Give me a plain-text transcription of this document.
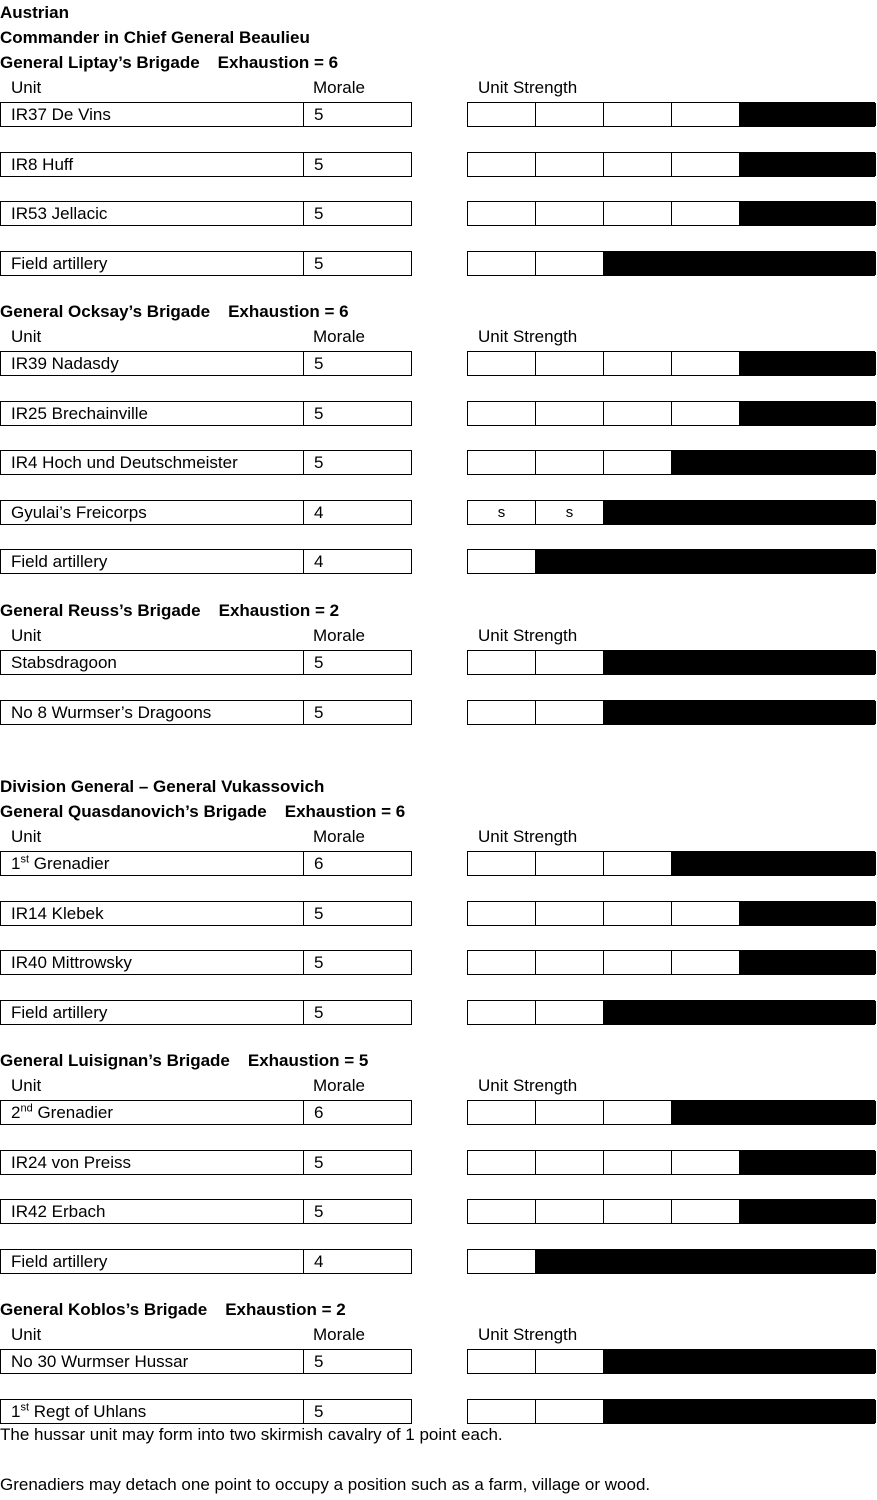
Austrian
Commander in Chief General Beaulieu
Division General – General Vukassovich
General Liptay’s Brigade Exhaustion = 6
Unit	Morale	Unit Strength
IR37 De Vins	5
IR8 Huff	5
IR53 Jellacic	5
Field artillery	5
General Ocksay’s Brigade Exhaustion = 6
Unit	Morale	Unit Strength
IR39 Nadasdy	5
IR25 Brechainville	5
IR4 Hoch und Deutschmeister	5
Gyulai’s Freicorps	4	s	s
Field artillery	4
General Reuss’s Brigade Exhaustion = 2
Unit	Morale	Unit Strength
Stabsdragoon	5
No 8 Wurmser’s Dragoons	5
General Quasdanovich’s Brigade Exhaustion = 6
Unit	Morale	Unit Strength
1st Grenadier	6
IR14 Klebek	5
IR40 Mittrowsky	5
Field artillery	5
General Luisignan’s Brigade Exhaustion = 5
Unit	Morale	Unit Strength
2nd Grenadier	6
IR24 von Preiss	5
IR42 Erbach	5
Field artillery	4
General Koblos’s Brigade Exhaustion = 2
Unit	Morale	Unit Strength
No 30 Wurmser Hussar	5
1st Regt of Uhlans	5
The hussar unit may form into two skirmish cavalry of 1 point each.
Grenadiers may detach one point to occupy a position such as a farm, village or wood.
